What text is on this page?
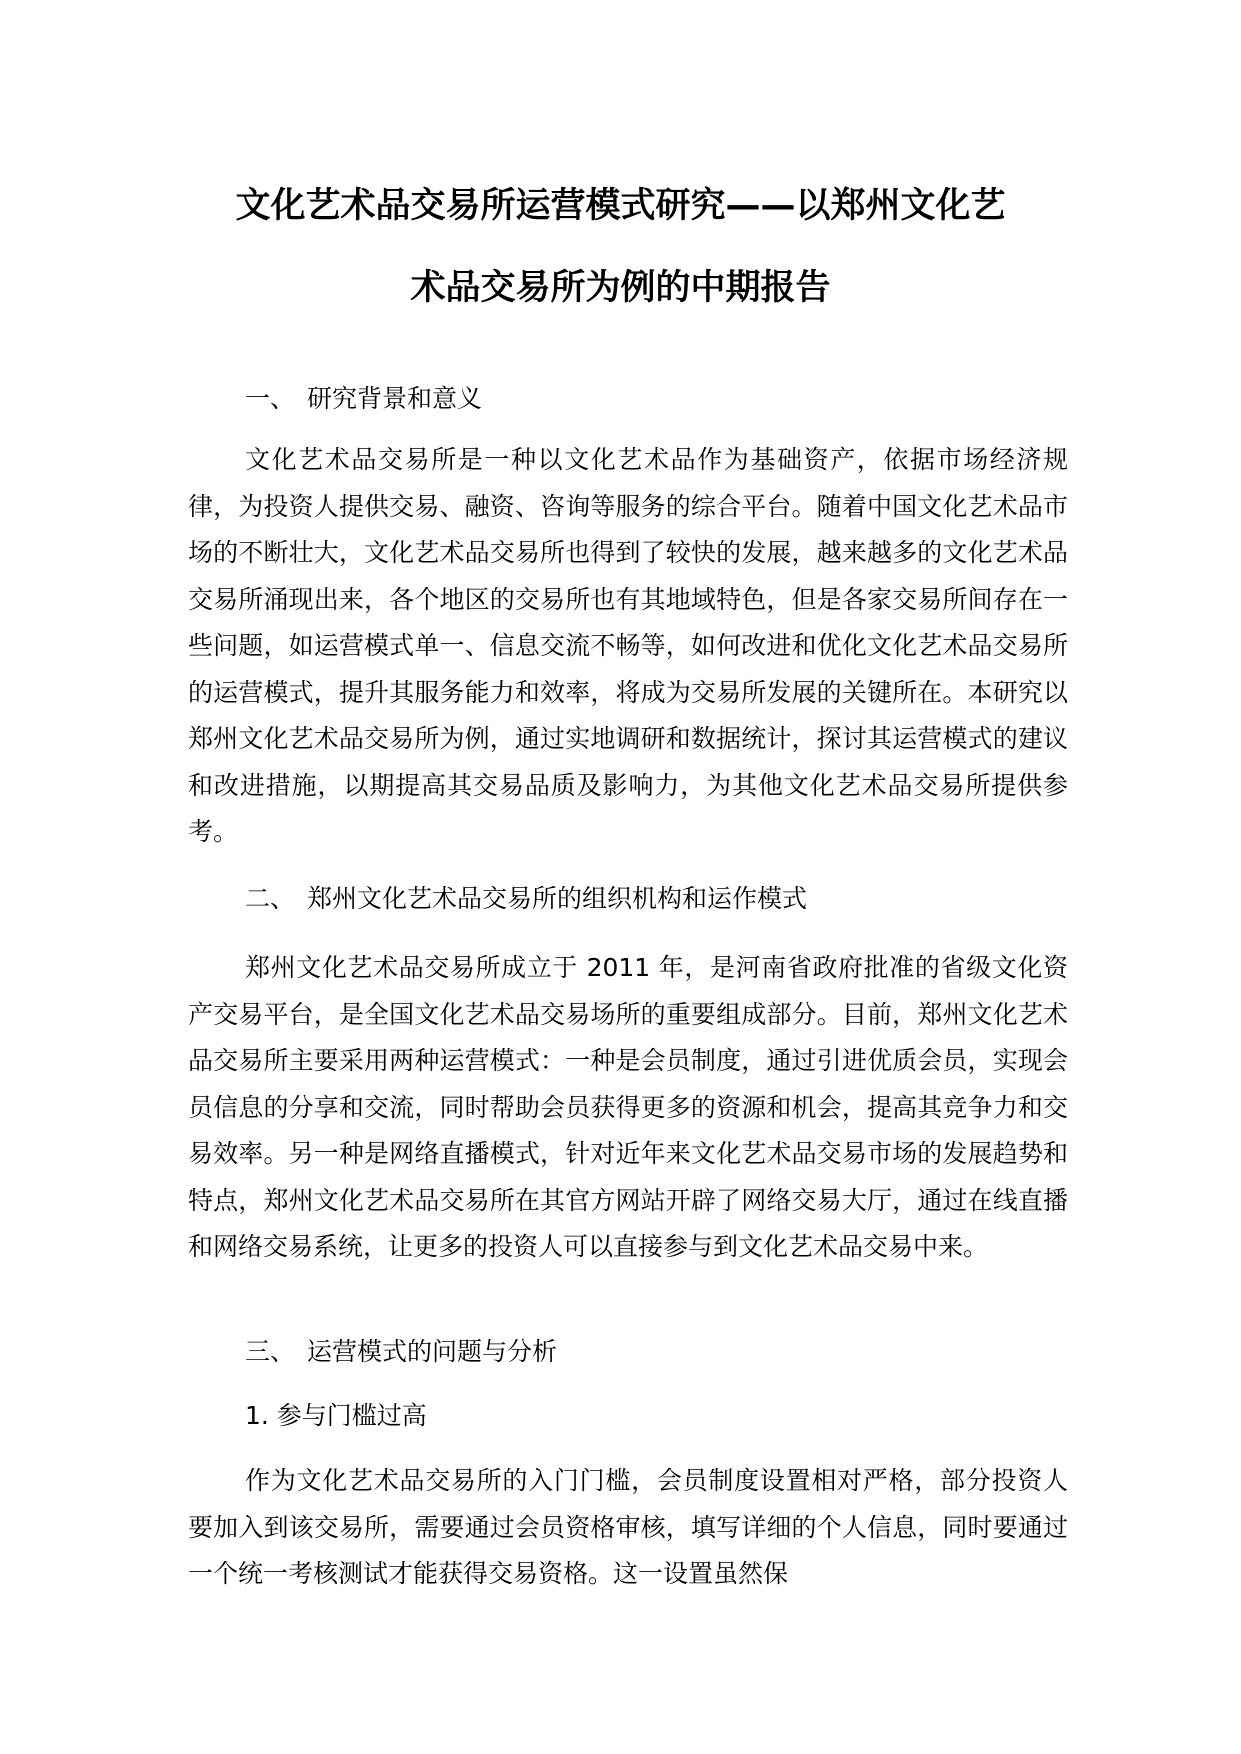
文化艺术品交易所运营模式研究——以郑州文化艺
术品交易所为例的中期报告
一、 研究背景和意义

文化艺术品交易所是一种以文化艺术品作为基础资产，依据市场经济规律，为投资人提供交易、融资、咨询等服务的综合平台。随着中国文化艺术品市场的不断壮大，文化艺术品交易所也得到了较快的发展，越来越多的文化艺术品交易所涌现出来，各个地区的交易所也有其地域特色，但是各家交易所间存在一些问题，如运营模式单一、信息交流不畅等，如何改进和优化文化艺术品交易所的运营模式，提升其服务能力和效率，将成为交易所发展的关键所在。本研究以郑州文化艺术品交易所为例，通过实地调研和数据统计，探讨其运营模式的建议和改进措施，以期提高其交易品质及影响力，为其他文化艺术品交易所提供参考。

二、 郑州文化艺术品交易所的组织机构和运作模式

郑州文化艺术品交易所成立于 2011 年，是河南省政府批准的省级文化资产交易平台，是全国文化艺术品交易场所的重要组成部分。目前，郑州文化艺术品交易所主要采用两种运营模式：一种是会员制度，通过引进优质会员，实现会员信息的分享和交流，同时帮助会员获得更多的资源和机会，提高其竞争力和交易效率。另一种是网络直播模式，针对近年来文化艺术品交易市场的发展趋势和特点，郑州文化艺术品交易所在其官方网站开辟了网络交易大厅，通过在线直播和网络交易系统，让更多的投资人可以直接参与到文化艺术品交易中来。

三、 运营模式的问题与分析
1. 参与门槛过高

作为文化艺术品交易所的入门门槛，会员制度设置相对严格，部分投资人要加入到该交易所，需要通过会员资格审核，填写详细的个人信息，同时要通过一个统一考核测试才能获得交易资格。这一设置虽然保
